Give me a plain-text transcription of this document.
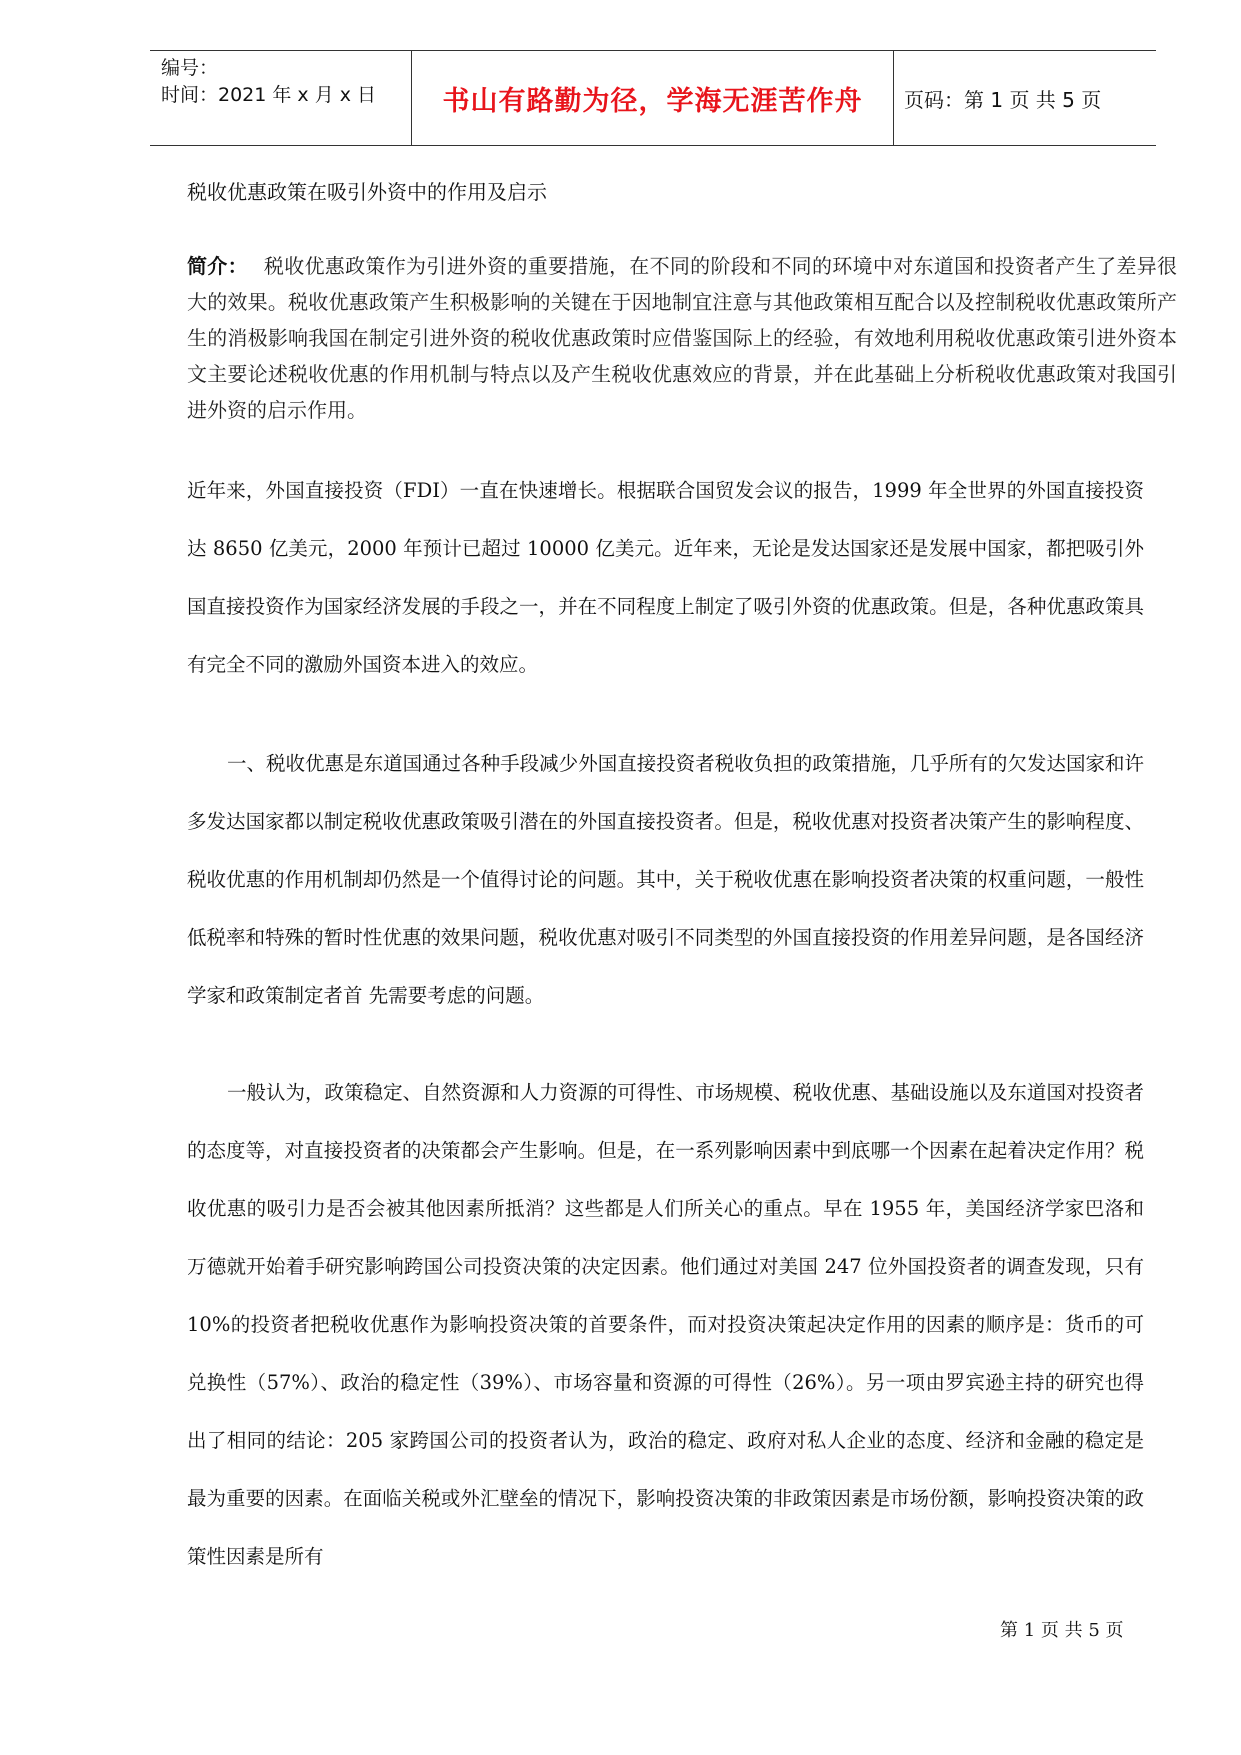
编号：
时间：2021 年 x 月 x 日	书山有路勤为径，学海无涯苦作舟	页码：第 1 页 共 5 页
税收优惠政策在吸引外资中的作用及启示
简介： 税收优惠政策作为引进外资的重要措施，在不同的阶段和不同的环境中对东道国和投资者产生了差异很大的效果。税收优惠政策产生积极影响的关键在于因地制宜注意与其他政策相互配合以及控制税收优惠政策所产生的消极影响我国在制定引进外资的税收优惠政策时应借鉴国际上的经验，有效地利用税收优惠政策引进外资本文主要论述税收优惠的作用机制与特点以及产生税收优惠效应的背景，并在此基础上分析税收优惠政策对我国引进外资的启示作用。

近年来，外国直接投资（FDI）一直在快速增长。根据联合国贸发会议的报告，1999 年全世界的外国直接投资达 8650 亿美元，2000 年预计已超过 10000 亿美元。近年来，无论是发达国家还是发展中国家，都把吸引外国直接投资作为国家经济发展的手段之一，并在不同程度上制定了吸引外资的优惠政策。但是，各种优惠政策具有完全不同的激励外国资本进入的效应。

一、税收优惠是东道国通过各种手段减少外国直接投资者税收负担的政策措施，几乎所有的欠发达国家和许多发达国家都以制定税收优惠政策吸引潜在的外国直接投资者。但是，税收优惠对投资者决策产生的影响程度、税收优惠的作用机制却仍然是一个值得讨论的问题。其中，关于税收优惠在影响投资者决策的权重问题，一般性低税率和特殊的暂时性优惠的效果问题，税收优惠对吸引不同类型的外国直接投资的作用差异问题，是各国经济学家和政策制定者首 先需要考虑的问题。

一般认为，政策稳定、自然资源和人力资源的可得性、市场规模、税收优惠、基础设施以及东道国对投资者的态度等，对直接投资者的决策都会产生影响。但是，在一系列影响因素中到底哪一个因素在起着决定作用？税收优惠的吸引力是否会被其他因素所抵消？这些都是人们所关心的重点。早在 1955 年，美国经济学家巴洛和万德就开始着手研究影响跨国公司投资决策的决定因素。他们通过对美国 247 位外国投资者的调查发现，只有 10%的投资者把税收优惠作为影响投资决策的首要条件，而对投资决策起决定作用的因素的顺序是：货币的可兑换性（57%）、政治的稳定性（39%）、市场容量和资源的可得性（26%）。另一项由罗宾逊主持的研究也得出了相同的结论：205 家跨国公司的投资者认为，政治的稳定、政府对私人企业的态度、经济和金融的稳定是最为重要的因素。在面临关税或外汇壁垒的情况下，影响投资决策的非政策因素是市场份额，影响投资决策的政策性因素是所有

第 1 页 共 5 页
